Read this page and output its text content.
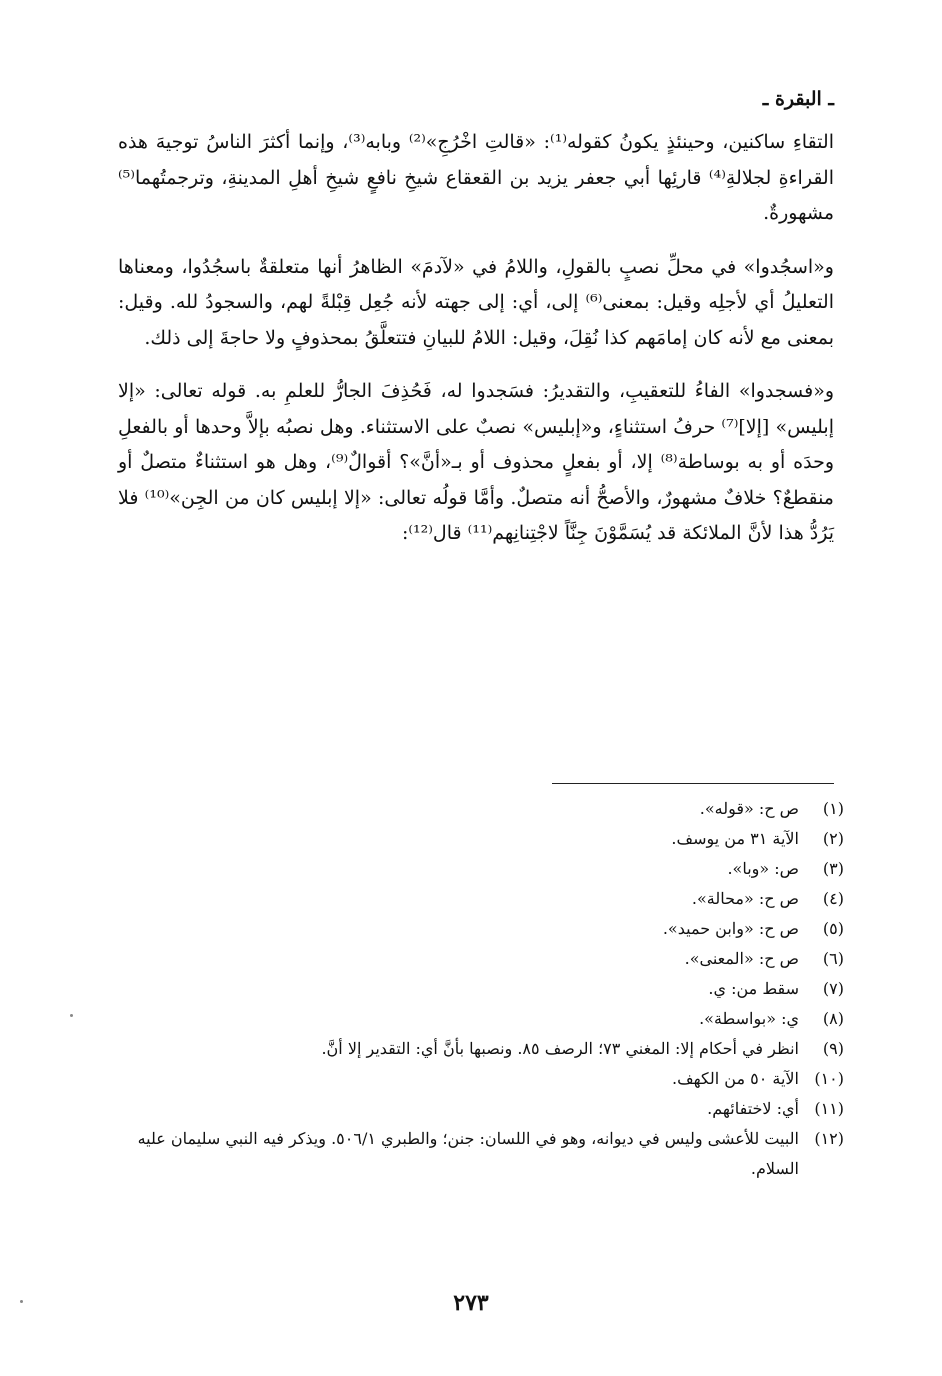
ـ البقرة ـ

التقاءِ ساكنين، وحينئذٍ يكونُ كقوله⁽¹⁾: «قالتِ اخْرُجِ»⁽²⁾ وبابه⁽³⁾، وإنما أكثرَ الناسُ توجيهَ هذه القراءةِ لجلالةِ⁽⁴⁾ قارئِها أبي جعفر يزيد بن القعقاع شيخِ نافعٍ شيخِ أهلِ المدينةِ، وترجمتُهما⁽⁵⁾ مشهورةٌ.

و«اسجُدوا» في محلِّ نصبٍ بالقولِ، واللامُ في «لآدمَ» الظاهرُ أنها متعلقةٌ باسجُدُوا، ومعناها التعليلُ أي لأجلِه وقيل: بمعنى⁽⁶⁾ إلى، أي: إلى جهته لأنه جُعِل قِبْلةً لهم، والسجودُ لله. وقيل: بمعنى مع لأنه كان إمامَهم كذا نُقِلَ، وقيل: اللامُ للبيانِ فتتعلَّقُ بمحذوفٍ ولا حاجةَ إلى ذلك.

و«فسجدوا» الفاءُ للتعقيبِ، والتقديرُ: فسَجدوا له، فَحُذِفَ الجارُّ للعلمِ به. قوله تعالى: «إلا إبليس» [إلا]⁽⁷⁾ حرفُ استثناءٍ، و«إبليس» نصبٌ على الاستثناء. وهل نصبُه بإلاَّ وحدها أو بالفعلِ وحدَه أو به بوساطة⁽⁸⁾ إلا، أو بفعلٍ محذوف أو بـ«أنَّ»؟ أقوالٌ⁽⁹⁾، وهل هو استثناءٌ متصلٌ أو منقطعٌ؟ خلافٌ مشهورٌ، والأصحُّ أنه متصلٌ. وأمَّا قولُه تعالى: «إلا إبليس كان من الجِن»⁽¹⁰⁾ فلا يَرُدُّ هذا لأنَّ الملائكة قد يُسَمَّوْنَ جِنَّاً لاجْتِنانِهم⁽¹¹⁾ قال⁽¹²⁾:

(١)
ص ح: «قوله».
(٢)
الآية ٣١ من يوسف.
(٣)
ص: «وبا».
(٤)
ص ح: «محالة».
(٥)
ص ح: «وابن حميد».
(٦)
ص ح: «المعنى».
(٧)
سقط من: ي.
(٨)
ي: «بواسطة».
(٩)
انظر في أحكام إلا: المغني ٧٣؛ الرصف ٨٥. ونصبها بأنَّ أي: التقدير إلا أنَّ.
(١٠)
الآية ٥٠ من الكهف.
(١١)
أي: لاختفائهم.
(١٢)
البيت للأعشى وليس في ديوانه، وهو في اللسان: جنن؛ والطبري ٥٠٦/١. ويذكر فيه النبي سليمان عليه السلام.
٢٧٣
